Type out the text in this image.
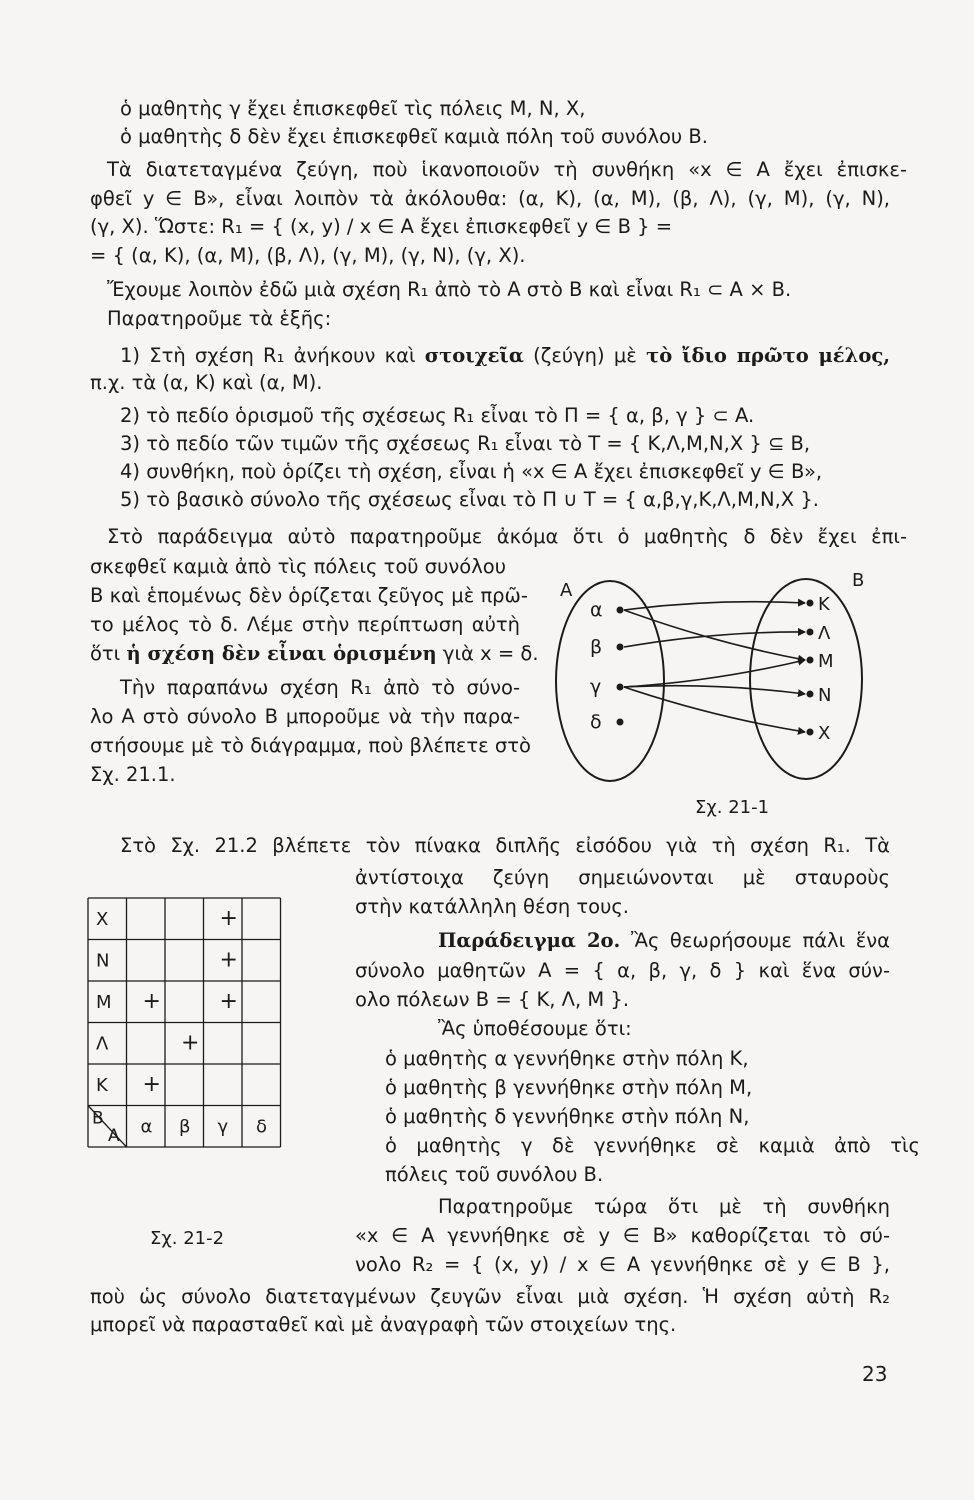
ὁ μαθητὴς γ ἔχει ἐπισκεφθεῖ τὶς πόλεις Μ, Ν, Χ,
ὁ μαθητὴς δ δὲν ἔχει ἐπισκεφθεῖ καμιὰ πόλη τοῦ συνόλου Β.
Τὰ διατεταγμένα ζεύγη, ποὺ ἱκανοποιοῦν τὴ συνθήκη «x ∈ A ἔχει ἐπισκε-
φθεῖ y ∈ B», εἶναι λοιπὸν τὰ ἀκόλουθα: (α, Κ), (α, Μ), (β, Λ), (γ, Μ), (γ, Ν),
(γ, Χ). Ὥστε: R₁ = { (x, y) / x ∈ A ἔχει ἐπισκεφθεῖ y ∈ B } =
= { (α, Κ), (α, Μ), (β, Λ), (γ, Μ), (γ, Ν), (γ, Χ).
Ἔχουμε λοιπὸν ἐδῶ μιὰ σχέση R₁ ἀπὸ τὸ Α στὸ Β καὶ εἶναι R₁ ⊂ A × B.
Παρατηροῦμε τὰ ἑξῆς:
1) Στὴ σχέση R₁ ἀνήκουν καὶ στοιχεῖα (ζεύγη) μὲ τὸ ἴδιο πρῶτο μέλος,
π.χ. τὰ (α, Κ) καὶ (α, Μ).
2) τὸ πεδίο ὁρισμοῦ τῆς σχέσεως R₁ εἶναι τὸ Π = { α, β, γ } ⊂ A.
3) τὸ πεδίο τῶν τιμῶν τῆς σχέσεως R₁ εἶναι τὸ Τ = { Κ,Λ,Μ,Ν,Χ } ⊆ B,
4) συνθήκη, ποὺ ὁρίζει τὴ σχέση, εἶναι ἡ «x ∈ A ἔχει ἐπισκεφθεῖ y ∈ B»,
5) τὸ βασικὸ σύνολο τῆς σχέσεως εἶναι τὸ Π ∪ Τ = { α,β,γ,Κ,Λ,Μ,Ν,Χ }.
Στὸ παράδειγμα αὐτὸ παρατηροῦμε ἀκόμα ὅτι ὁ μαθητὴς δ δὲν ἔχει ἐπι-
σκεφθεῖ καμιὰ ἀπὸ τὶς πόλεις τοῦ συνόλου
Β καὶ ἑπομένως δὲν ὁρίζεται ζεῦγος μὲ πρῶ-
το μέλος τὸ δ. Λέμε στὴν περίπτωση αὐτὴ
ὅτι ἡ σχέση δὲν εἶναι ὁρισμένη γιὰ x = δ.
Τὴν παραπάνω σχέση R₁ ἀπὸ τὸ σύνο-
λο Α στὸ σύνολο Β μποροῦμε νὰ τὴν παρα-
στήσουμε μὲ τὸ διάγραμμα, ποὺ βλέπετε στὸ
Σχ. 21.1.
A	B
α
β
γ
δ
K
Λ
M
N
X
Σχ. 21-1
Στὸ Σχ. 21.2 βλέπετε τὸν πίνακα διπλῆς εἰσόδου γιὰ τὴ σχέση R₁. Τὰ
ἀντίστοιχα ζεύγη σημειώνονται μὲ σταυροὺς
στὴν κατάλληλη θέση τους.
Παράδειγμα 2ο. Ἂς θεωρήσουμε πάλι ἕνα
σύνολο μαθητῶν Α = { α, β, γ, δ } καὶ ἕνα σύν-
ολο πόλεων Β = { Κ, Λ, Μ }.
Ἂς ὑποθέσουμε ὅτι:
ὁ μαθητὴς α γεννήθηκε στὴν πόλη Κ,
ὁ μαθητὴς β γεννήθηκε στὴν πόλη Μ,
ὁ μαθητὴς δ γεννήθηκε στὴν πόλη Ν,
ὁ μαθητὴς γ δὲ γεννήθηκε σὲ καμιὰ ἀπὸ τὶς
πόλεις τοῦ συνόλου Β.
Παρατηροῦμε τώρα ὅτι μὲ τὴ συνθήκη
«x ∈ A γεννήθηκε σὲ y ∈ B» καθορίζεται τὸ σύ-
νολο R₂ = { (x, y) / x ∈ A γεννήθηκε σὲ y ∈ B },
ποὺ ὡς σύνολο διατεταγμένων ζευγῶν εἶναι μιὰ σχέση. Ἡ σχέση αὐτὴ R₂
μπορεῖ νὰ παρασταθεῖ καὶ μὲ ἀναγραφὴ τῶν στοιχείων της.
B
A
X
N
M
Λ
K
α β γ δ
+
+
+	+
+
+
Σχ. 21-2
23
